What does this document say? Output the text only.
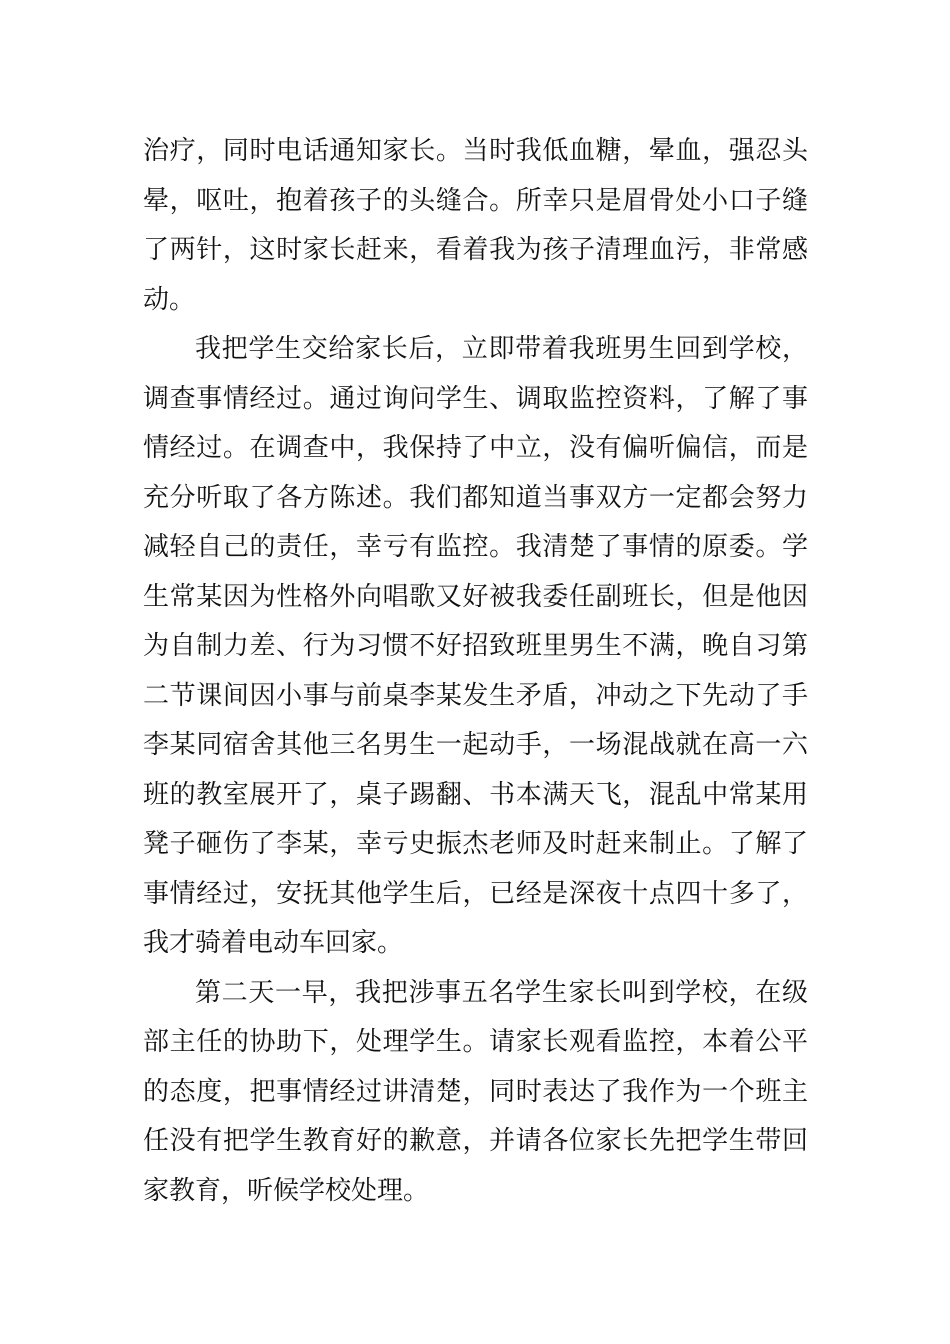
治疗，同时电话通知家长。当时我低血糖，晕血，强忍头晕，呕吐，抱着孩子的头缝合。所幸只是眉骨处小口子缝了两针，这时家长赶来，看着我为孩子清理血污，非常感动。

我把学生交给家长后，立即带着我班男生回到学校，调查事情经过。通过询问学生、调取监控资料，了解了事情经过。在调查中，我保持了中立，没有偏听偏信，而是充分听取了各方陈述。我们都知道当事双方一定都会努力减轻自己的责任，幸亏有监控。我清楚了事情的原委。学生常某因为性格外向唱歌又好被我委任副班长，但是他因为自制力差、行为习惯不好招致班里男生不满，晚自习第二节课间因小事与前桌李某发生矛盾，冲动之下先动了手李某同宿舍其他三名男生一起动手，一场混战就在高一六班的教室展开了，桌子踢翻、书本满天飞，混乱中常某用凳子砸伤了李某，幸亏史振杰老师及时赶来制止。了解了事情经过，安抚其他学生后，已经是深夜十点四十多了，我才骑着电动车回家。

第二天一早，我把涉事五名学生家长叫到学校，在级部主任的协助下，处理学生。请家长观看监控，本着公平的态度，把事情经过讲清楚，同时表达了我作为一个班主任没有把学生教育好的歉意，并请各位家长先把学生带回家教育，听候学校处理。
